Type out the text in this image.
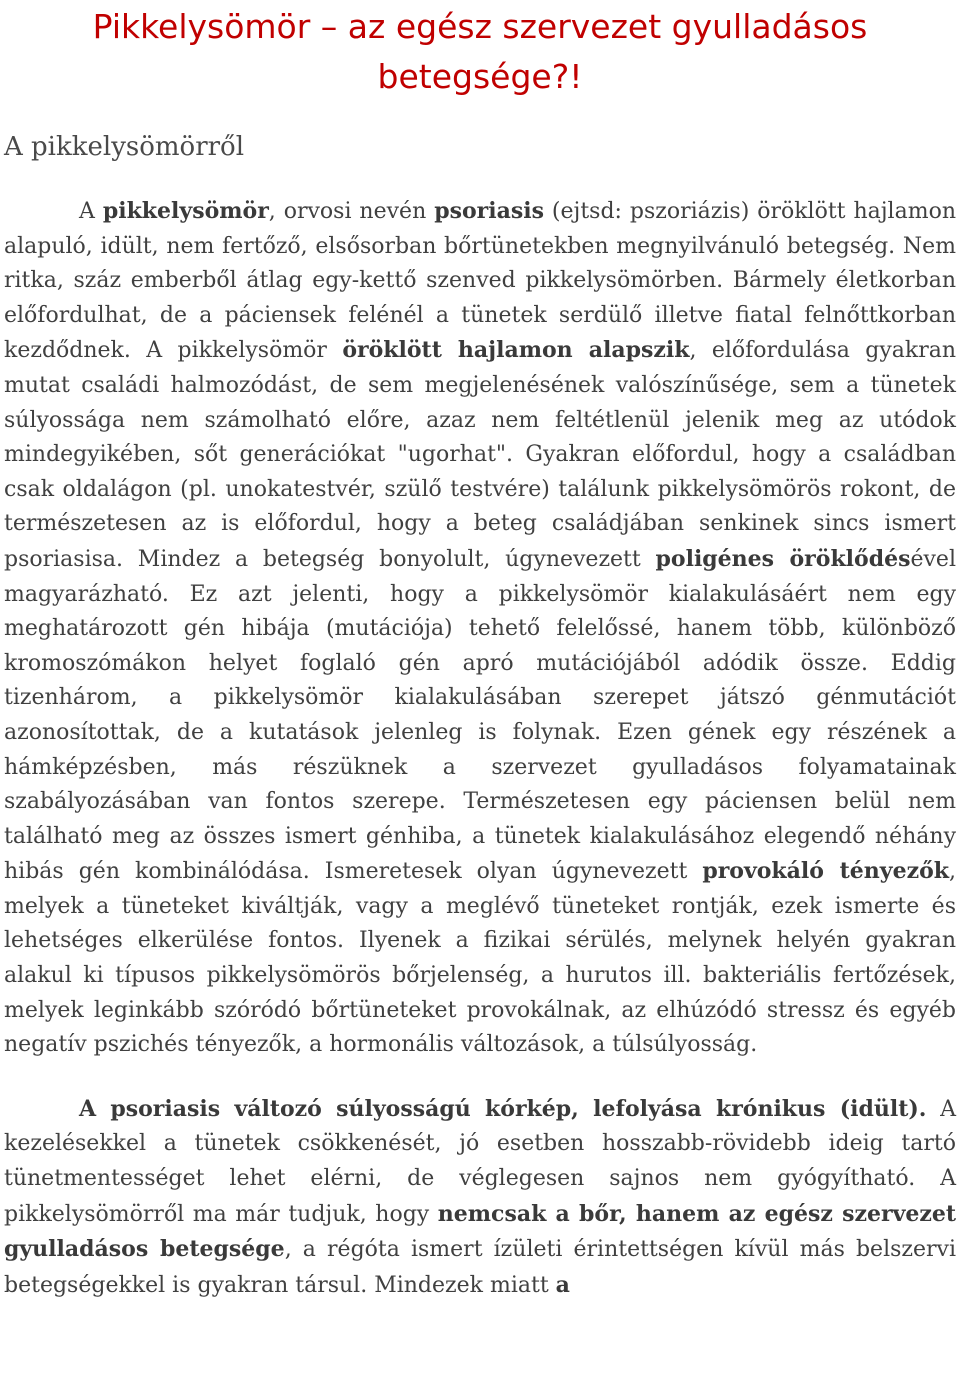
Pikkelysömör – az egész szervezet gyulladásos betegsége?!
A pikkelysömörről

A pikkelysömör, orvosi nevén psoriasis (ejtsd: pszoriázis) öröklött hajlamon alapuló, idült, nem fertőző, elsősorban bőrtünetekben megnyilvánuló betegség. Nem ritka, száz emberből átlag egy-kettő szenved pikkelysömörben. Bármely életkorban előfordulhat, de a páciensek felénél a tünetek serdülő illetve fiatal felnőttkorban kezdődnek. A pikkelysömör öröklött hajlamon alapszik, előfordulása gyakran mutat családi halmozódást, de sem megjelenésének valószínűsége, sem a tünetek súlyossága nem számolható előre, azaz nem feltétlenül jelenik meg az utódok mindegyikében, sőt generációkat "ugorhat". Gyakran előfordul, hogy a családban csak oldalágon (pl. unokatestvér, szülő testvére) találunk pikkelysömörös rokont, de természetesen az is előfordul, hogy a beteg családjában senkinek sincs ismert psoriasisa. Mindez a betegség bonyolult, úgynevezett poligénes öröklődésével magyarázható. Ez azt jelenti, hogy a pikkelysömör kialakulásáért nem egy meghatározott gén hibája (mutációja) tehető felelőssé, hanem több, különböző kromoszómákon helyet foglaló gén apró mutációjából adódik össze. Eddig tizenhárom, a pikkelysömör kialakulásában szerepet játszó génmutációt azonosítottak, de a kutatások jelenleg is folynak. Ezen gének egy részének a hámképzésben, más részüknek a szervezet gyulladásos folyamatainak szabályozásában van fontos szerepe. Természetesen egy páciensen belül nem található meg az összes ismert génhiba, a tünetek kialakulásához elegendő néhány hibás gén kombinálódása. Ismeretesek olyan úgynevezett provokáló tényezők, melyek a tüneteket kiváltják, vagy a meglévő tüneteket rontják, ezek ismerte és lehetséges elkerülése fontos. Ilyenek a fizikai sérülés, melynek helyén gyakran alakul ki típusos pikkelysömörös bőrjelenség, a hurutos ill. bakteriális fertőzések, melyek leginkább szóródó bőrtüneteket provokálnak, az elhúzódó stressz és egyéb negatív pszichés tényezők, a hormonális változások, a túlsúlyosság.

A psoriasis változó súlyosságú kórkép, lefolyása krónikus (idült). A kezelésekkel a tünetek csökkenését, jó esetben hosszabb-rövidebb ideig tartó tünetmentességet lehet elérni, de véglegesen sajnos nem gyógyítható. A pikkelysömörről ma már tudjuk, hogy nemcsak a bőr, hanem az egész szervezet gyulladásos betegsége, a régóta ismert ízületi érintettségen kívül más belszervi betegségekkel is gyakran társul. Mindezek miatt a
